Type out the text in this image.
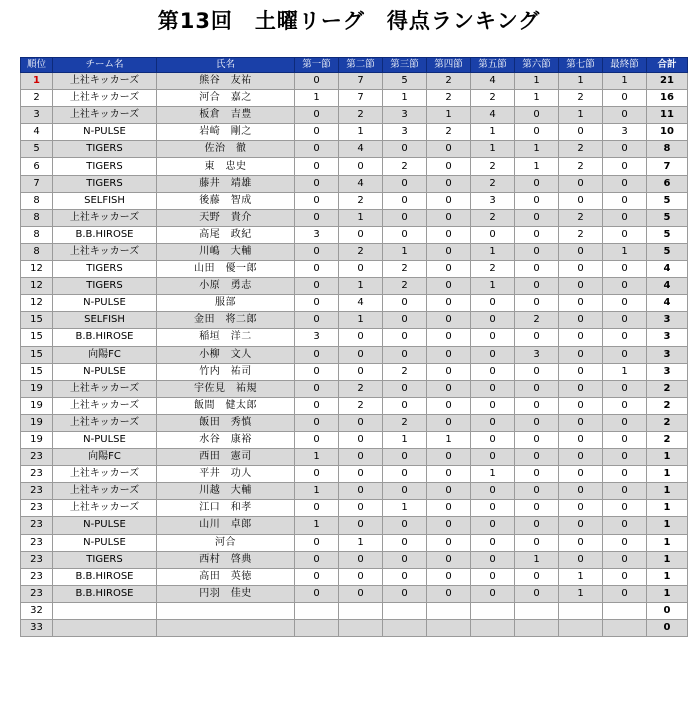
第13回　土曜リーグ　得点ランキング
順位	チーム名	氏名	第一節	第二節	第三節	第四節	第五節	第六節	第七節	最終節	合計
1	上社キッカーズ	熊谷　友祐	0	7	5	2	4	1	1	1	21
2	上社キッカーズ	河合　嘉之	1	7	1	2	2	1	2	0	16
3	上社キッカーズ	板倉　吉豊	0	2	3	1	4	0	1	0	11
4	N-PULSE	岩崎　剛之	0	1	3	2	1	0	0	3	10
5	TIGERS	佐治　徹	0	4	0	0	1	1	2	0	8
6	TIGERS	東　忠史	0	0	2	0	2	1	2	0	7
7	TIGERS	藤井　靖雄	0	4	0	0	2	0	0	0	6
8	SELFISH	後藤　智成	0	2	0	0	3	0	0	0	5
8	上社キッカーズ	天野　貴介	0	1	0	0	2	0	2	0	5
8	B.B.HIROSE	高尾　政紀	3	0	0	0	0	0	2	0	5
8	上社キッカーズ	川嶋　大輔	0	2	1	0	1	0	0	1	5
12	TIGERS	山田　優一郎	0	0	2	0	2	0	0	0	4
12	TIGERS	小原　勇志	0	1	2	0	1	0	0	0	4
12	N-PULSE	服部	0	4	0	0	0	0	0	0	4
15	SELFISH	金田　将二郎	0	1	0	0	0	2	0	0	3
15	B.B.HIROSE	稲垣　洋二	3	0	0	0	0	0	0	0	3
15	向陽FC	小柳　文人	0	0	0	0	0	3	0	0	3
15	N-PULSE	竹内　祐司	0	0	2	0	0	0	0	1	3
19	上社キッカーズ	宇佐見　祐規	0	2	0	0	0	0	0	0	2
19	上社キッカーズ	飯間　健太郎	0	2	0	0	0	0	0	0	2
19	上社キッカーズ	飯田　秀慎	0	0	2	0	0	0	0	0	2
19	N-PULSE	水谷　康裕	0	0	1	1	0	0	0	0	2
23	向陽FC	西田　憲司	1	0	0	0	0	0	0	0	1
23	上社キッカーズ	平井　功人	0	0	0	0	1	0	0	0	1
23	上社キッカーズ	川越　大輔	1	0	0	0	0	0	0	0	1
23	上社キッカーズ	江口　和孝	0	0	1	0	0	0	0	0	1
23	N-PULSE	山川　卓郎	1	0	0	0	0	0	0	0	1
23	N-PULSE	河合	0	1	0	0	0	0	0	0	1
23	TIGERS	西村　啓典	0	0	0	0	0	1	0	0	1
23	B.B.HIROSE	高田　英徳	0	0	0	0	0	0	1	0	1
23	B.B.HIROSE	円羽　佳史	0	0	0	0	0	0	1	0	1
32											0
33											0
